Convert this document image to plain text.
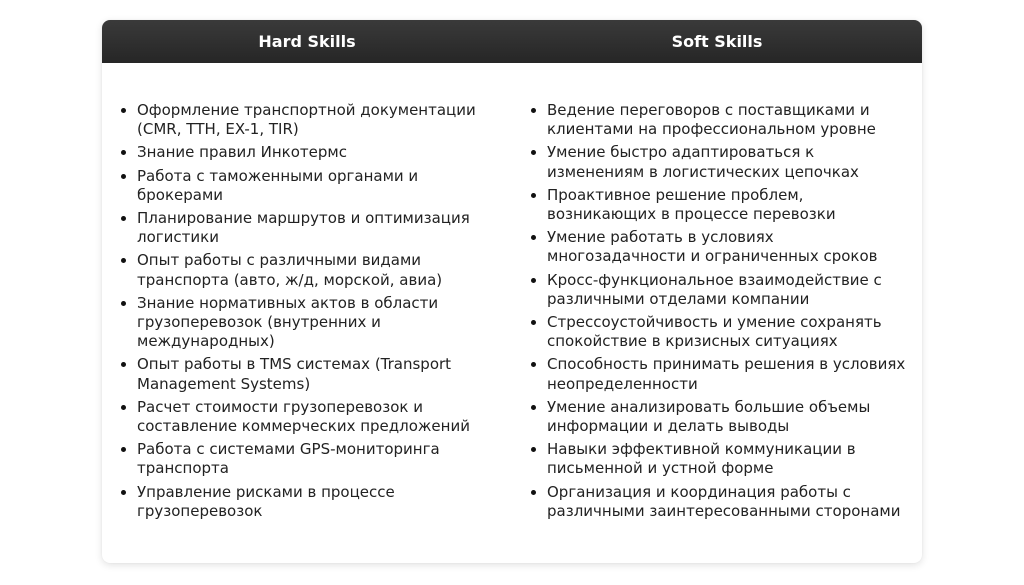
Hard Skills	Soft Skills
• Оформление транспортной документации (CMR, ТТН, EX-1, TIR)
• Знание правил Инкотермс
• Работа с таможенными органами и брокерами
• Планирование маршрутов и оптимизация логистики
• Опыт работы с различными видами транспорта (авто, ж/д, морской, авиа)
• Знание нормативных актов в области грузоперевозок (внутренних и международных)
• Опыт работы в TMS системах (Transport Management Systems)
• Расчет стоимости грузоперевозок и составление коммерческих предложений
• Работа с системами GPS-мониторинга транспорта
• Управление рисками в процессе грузоперевозок
• Ведение переговоров с поставщиками и клиентами на профессиональном уровне
• Умение быстро адаптироваться к изменениям в логистических цепочках
• Проактивное решение проблем, возникающих в процессе перевозки
• Умение работать в условиях многозадачности и ограниченных сроков
• Кросс-функциональное взаимодействие с различными отделами компании
• Стрессоустойчивость и умение сохранять спокойствие в кризисных ситуациях
• Способность принимать решения в условиях неопределенности
• Умение анализировать большие объемы информации и делать выводы
• Навыки эффективной коммуникации в письменной и устной форме
• Организация и координация работы с различными заинтересованными сторонами
